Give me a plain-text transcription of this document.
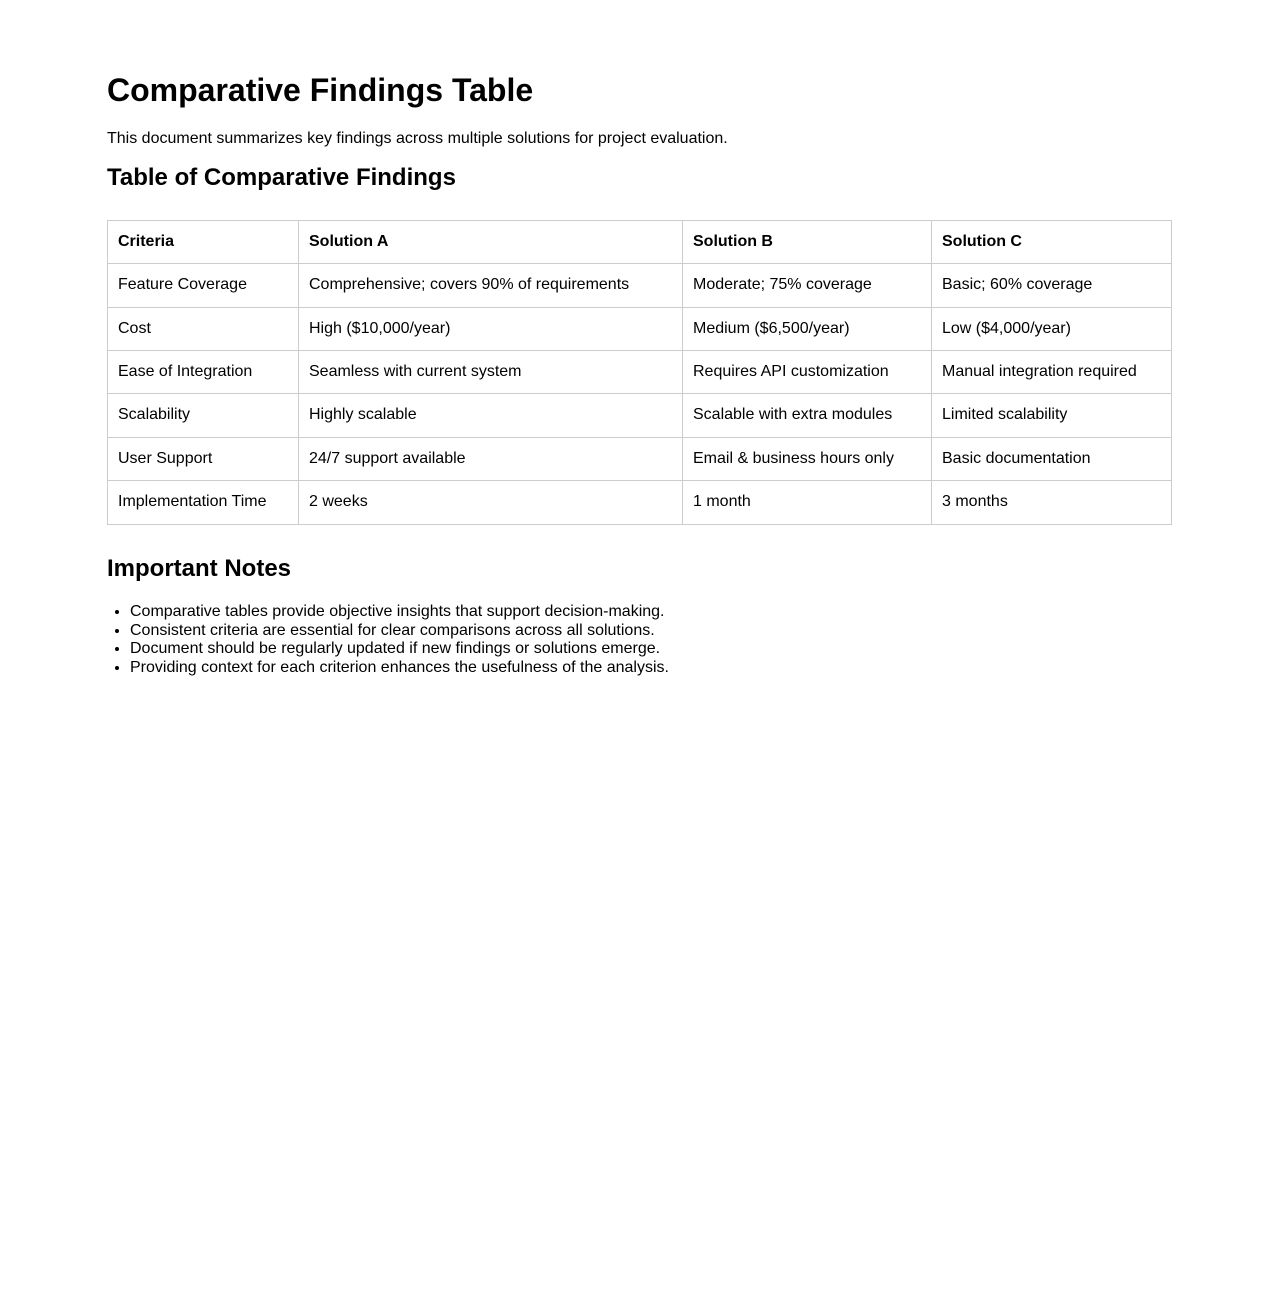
Comparative Findings Table

This document summarizes key findings across multiple solutions for project evaluation.

Table of Comparative Findings
Criteria	Solution A	Solution B	Solution C
Feature Coverage	Comprehensive; covers 90% of requirements	Moderate; 75% coverage	Basic; 60% coverage
Cost	High ($10,000/year)	Medium ($6,500/year)	Low ($4,000/year)
Ease of Integration	Seamless with current system	Requires API customization	Manual integration required
Scalability	Highly scalable	Scalable with extra modules	Limited scalability
User Support	24/7 support available	Email & business hours only	Basic documentation
Implementation Time	2 weeks	1 month	3 months
Important Notes
• Comparative tables provide objective insights that support decision-making.
• Consistent criteria are essential for clear comparisons across all solutions.
• Document should be regularly updated if new findings or solutions emerge.
• Providing context for each criterion enhances the usefulness of the analysis.
